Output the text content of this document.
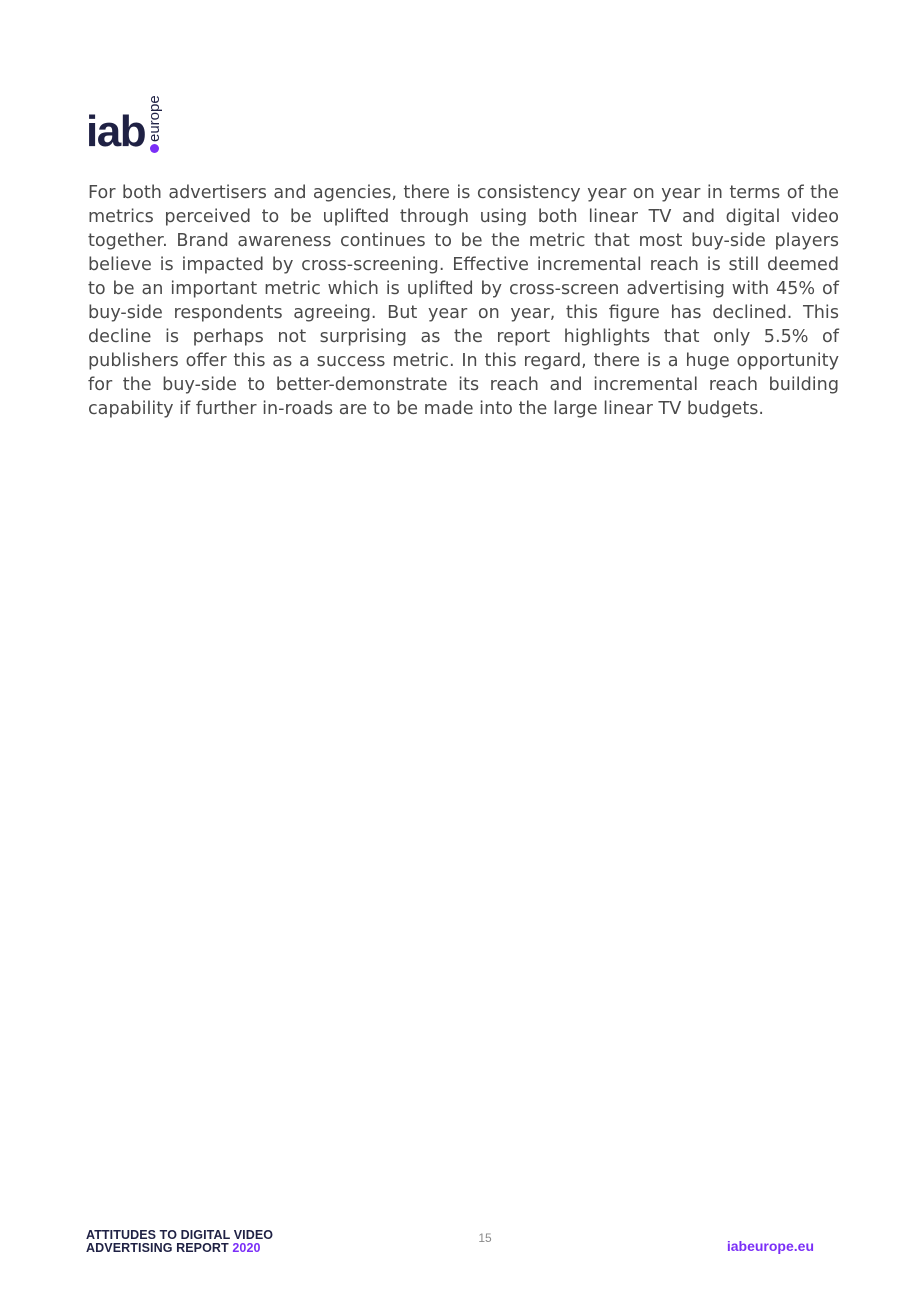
iab europe

For both advertisers and agencies, there is consistency year on year in terms of the metrics perceived to be uplifted through using both linear TV and digital video together. Brand awareness continues to be the metric that most buy-side players believe is impacted by cross-screening. Effective incremental reach is still deemed to be an important metric which is uplifted by cross-screen advertising with 45% of buy-side respondents agreeing. But year on year, this figure has declined. This decline is perhaps not surprising as the report highlights that only 5.5% of publishers offer this as a success metric. In this regard, there is a huge opportunity for the buy-side to better-demonstrate its reach and incremental reach building capability if further in-roads are to be made into the large linear TV budgets.

ATTITUDES TO DIGITAL VIDEO
ADVERTISING REPORT 2020
15	iabeurope.eu
